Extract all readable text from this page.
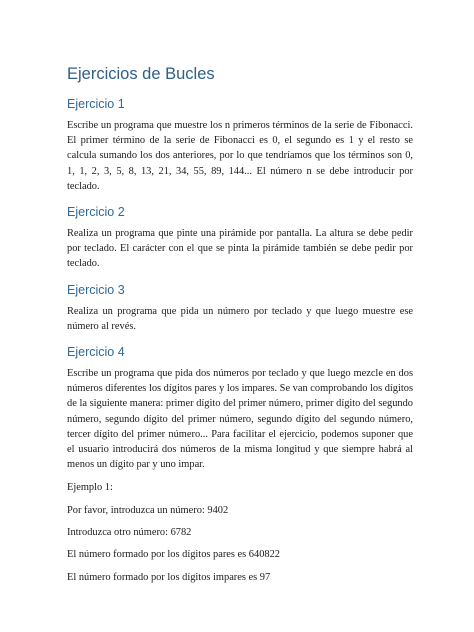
Ejercicios de Bucles
Ejercicio 1

Escribe un programa que muestre los n primeros términos de la serie de Fibonacci. El primer término de la serie de Fibonacci es 0, el segundo es 1 y el resto se calcula sumando los dos anteriores, por lo que tendríamos que los términos son 0, 1, 1, 2, 3, 5, 8, 13, 21, 34, 55, 89, 144... El número n se debe introducir por teclado.

Ejercicio 2

Realiza un programa que pinte una pirámide por pantalla. La altura se debe pedir por teclado. El carácter con el que se pinta la pirámide también se debe pedir por teclado.

Ejercicio 3

Realiza un programa que pida un número por teclado y que luego muestre ese número al revés.

Ejercicio 4

Escribe un programa que pida dos números por teclado y que luego mezcle en dos números diferentes los dígitos pares y los impares. Se van comprobando los dígitos de la siguiente manera: primer dígito del primer número, primer dígito del segundo número, segundo dígito del primer número, segundo dígito del segundo número, tercer dígito del primer número... Para facilitar el ejercicio, podemos suponer que el usuario introducirá dos números de la misma longitud y que siempre habrá al menos un dígito par y uno impar.

Ejemplo 1:
Por favor, introduzca un número: 9402
Introduzca otro número: 6782
El número formado por los dígitos pares es 640822
El número formado por los dígitos impares es 97
